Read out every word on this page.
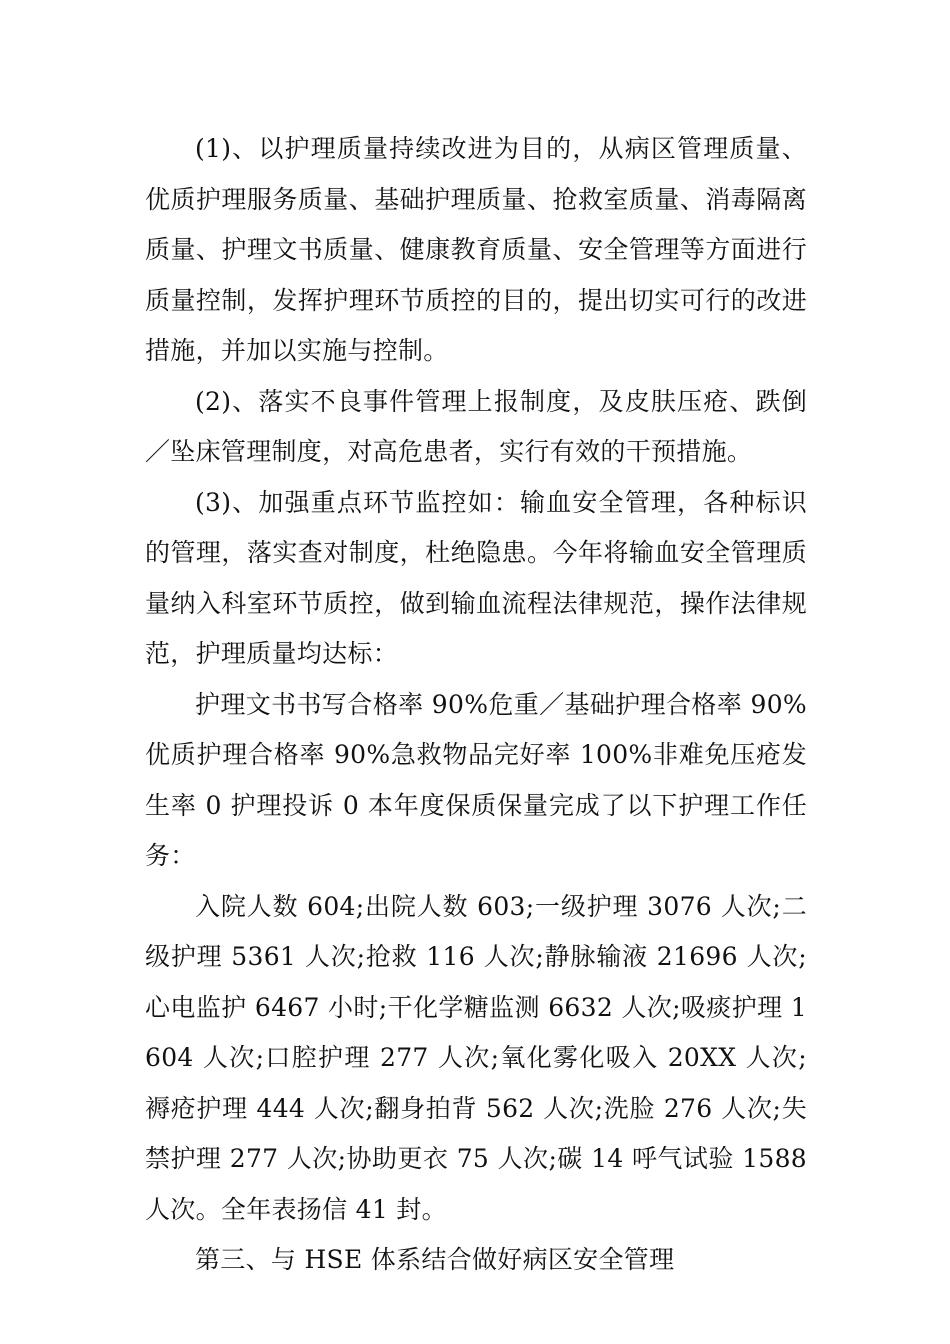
(1)、以护理质量持续改进为目的，从病区管理质量、优质护理服务质量、基础护理质量、抢救室质量、消毒隔离质量、护理文书质量、健康教育质量、安全管理等方面进行质量控制，发挥护理环节质控的目的，提出切实可行的改进措施，并加以实施与控制。

(2)、落实不良事件管理上报制度，及皮肤压疮、跌倒／坠床管理制度，对高危患者，实行有效的干预措施。

(3)、加强重点环节监控如：输血安全管理，各种标识的管理，落实查对制度，杜绝隐患。今年将输血安全管理质量纳入科室环节质控，做到输血流程法律规范，操作法律规范，护理质量均达标：

护理文书书写合格率 90%危重／基础护理合格率 90%优质护理合格率 90%急救物品完好率 100%非难免压疮发生率 0 护理投诉 0 本年度保质保量完成了以下护理工作任务：

入院人数 604;出院人数 603;一级护理 3076 人次;二级护理 5361 人次;抢救 116 人次;静脉输液 21696 人次;心电监护 6467 小时;干化学糖监测 6632 人次;吸痰护理 1604 人次;口腔护理 277 人次;氧化雾化吸入 20XX 人次;褥疮护理 444 人次;翻身拍背 562 人次;洗脸 276 人次;失禁护理 277 人次;协助更衣 75 人次;碳 14 呼气试验 1588 人次。全年表扬信 41 封。

第三、与 HSE 体系结合做好病区安全管理
